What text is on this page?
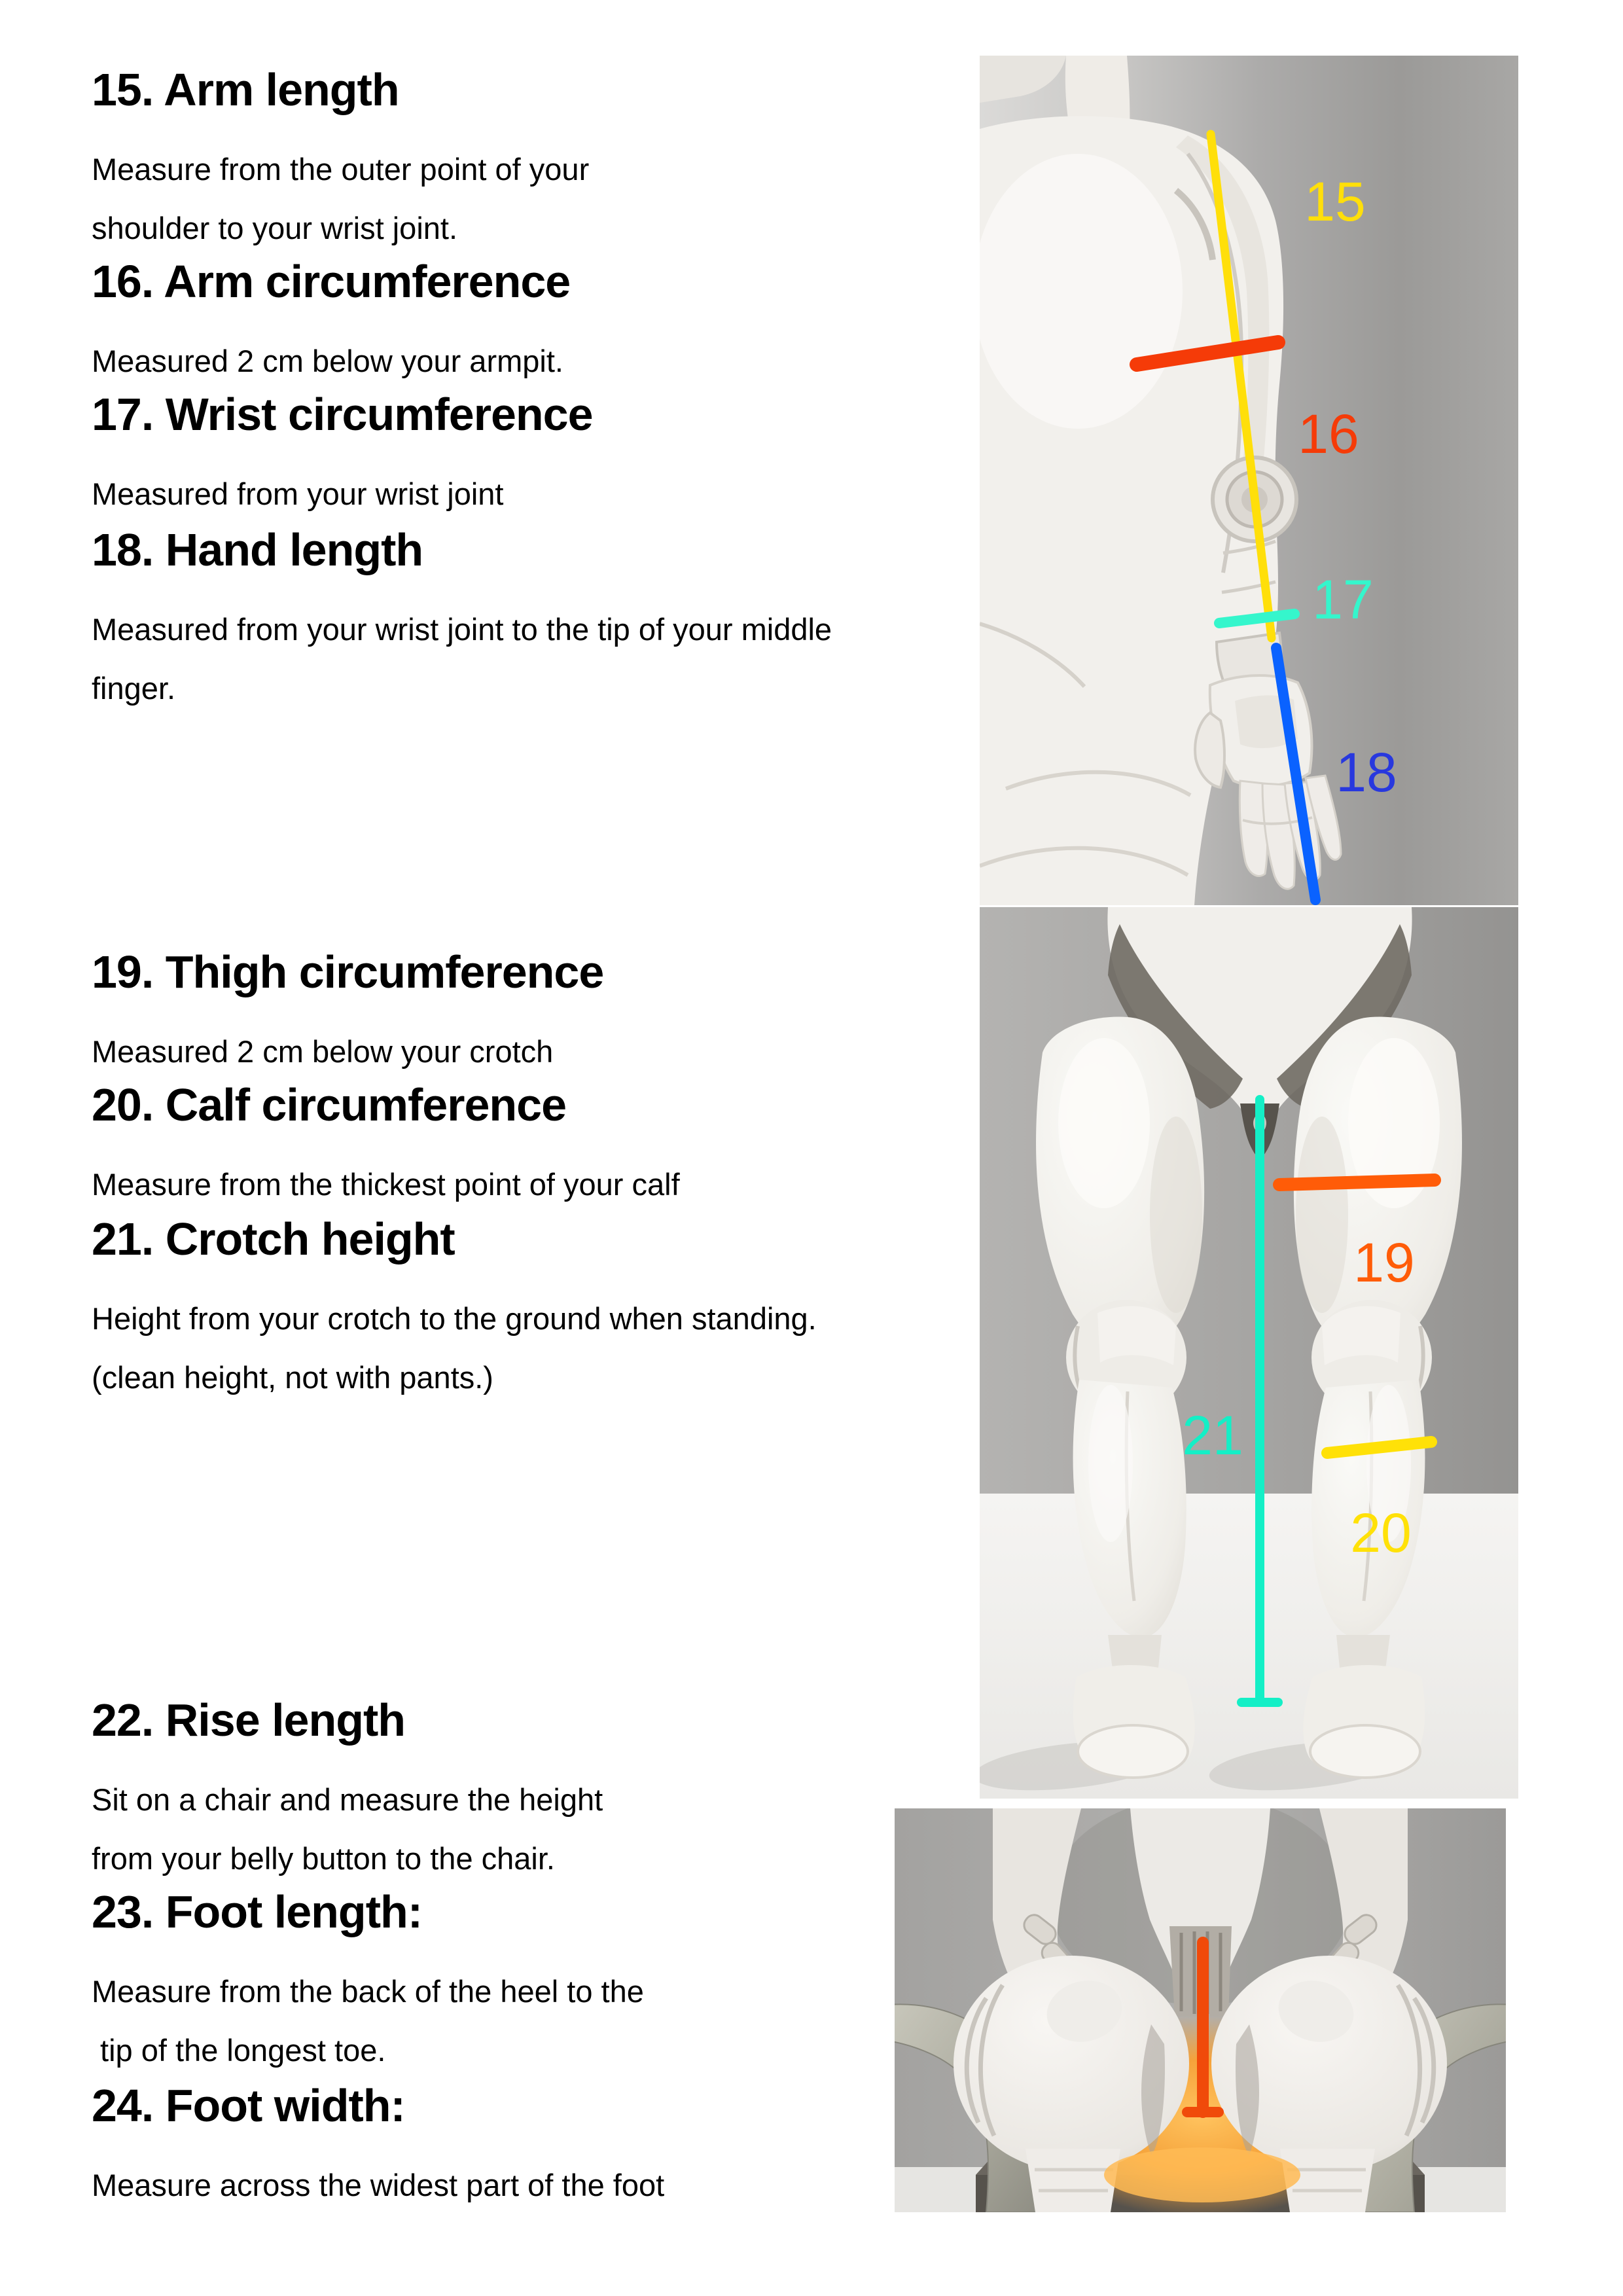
15. Arm length

Measure from the outer point of your

shoulder to your wrist joint.

16. Arm circumference

Measured 2 cm below your armpit.

17. Wrist circumference

Measured from your wrist joint

18. Hand length

Measured from your wrist joint to the tip of your middle

finger.

19. Thigh circumference

Measured 2 cm below your crotch

20. Calf circumference

Measure from the thickest point of your calf

21. Crotch height

Height from your crotch to the ground when standing.

(clean height, not with pants.)

22. Rise length

Sit on a chair and measure the height

from your belly button to the chair.

23. Foot length:

Measure from the back of the heel to the

tip of the longest toe.

24. Foot width:

Measure across the widest part of the foot

15
16
17
18
19
21
20
